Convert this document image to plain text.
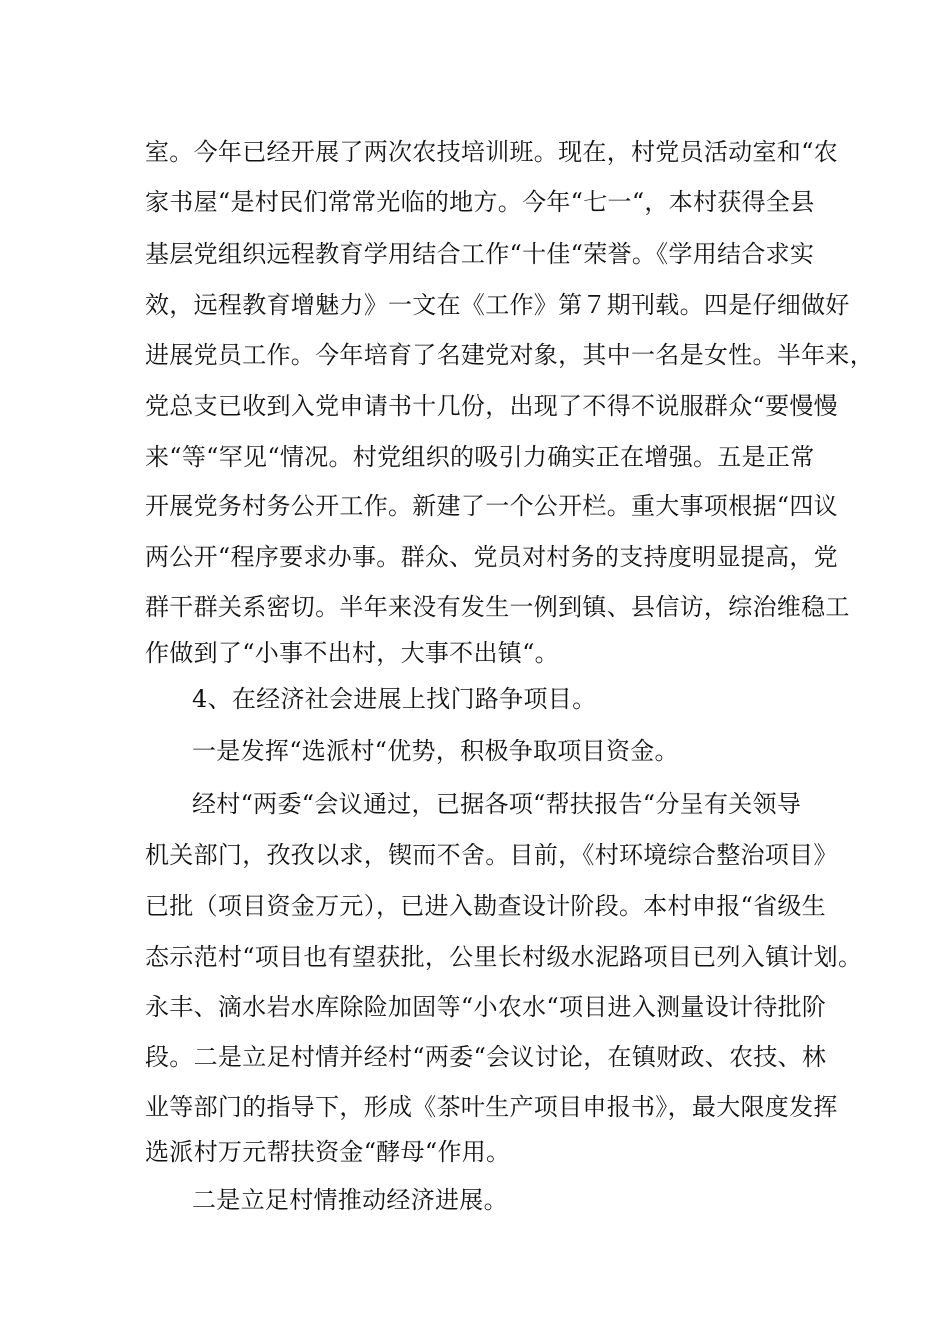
室。今年已经开展了两次农技培训班。现在，村党员活动室和“农
家书屋“是村民们常常光临的地方。今年“七一“，本村获得全县
基层党组织远程教育学用结合工作“十佳“荣誉。《学用结合求实
效，远程教育增魅力》一文在《工作》第７期刊载。四是仔细做好
进展党员工作。今年培育了名建党对象，其中一名是女性。半年来，
党总支已收到入党申请书十几份，出现了不得不说服群众“要慢慢
来“等“罕见“情况。村党组织的吸引力确实正在增强。五是正常
开展党务村务公开工作。新建了一个公开栏。重大事项根据“四议
两公开“程序要求办事。群众、党员对村务的支持度明显提高，党
群干群关系密切。半年来没有发生一例到镇、县信访，综治维稳工
作做到了“小事不出村，大事不出镇“。
4、在经济社会进展上找门路争项目。
一是发挥“选派村“优势，积极争取项目资金。
经村“两委“会议通过，已据各项“帮扶报告“分呈有关领导
机关部门，孜孜以求，锲而不舍。目前，《村环境综合整治项目》
已批（项目资金万元），已进入勘查设计阶段。本村申报“省级生
态示范村“项目也有望获批，公里长村级水泥路项目已列入镇计划。
永丰、滴水岩水库除险加固等“小农水“项目进入测量设计待批阶
段。二是立足村情并经村“两委“会议讨论，在镇财政、农技、林
业等部门的指导下，形成《茶叶生产项目申报书》，最大限度发挥
选派村万元帮扶资金“酵母“作用。
二是立足村情推动经济进展。
